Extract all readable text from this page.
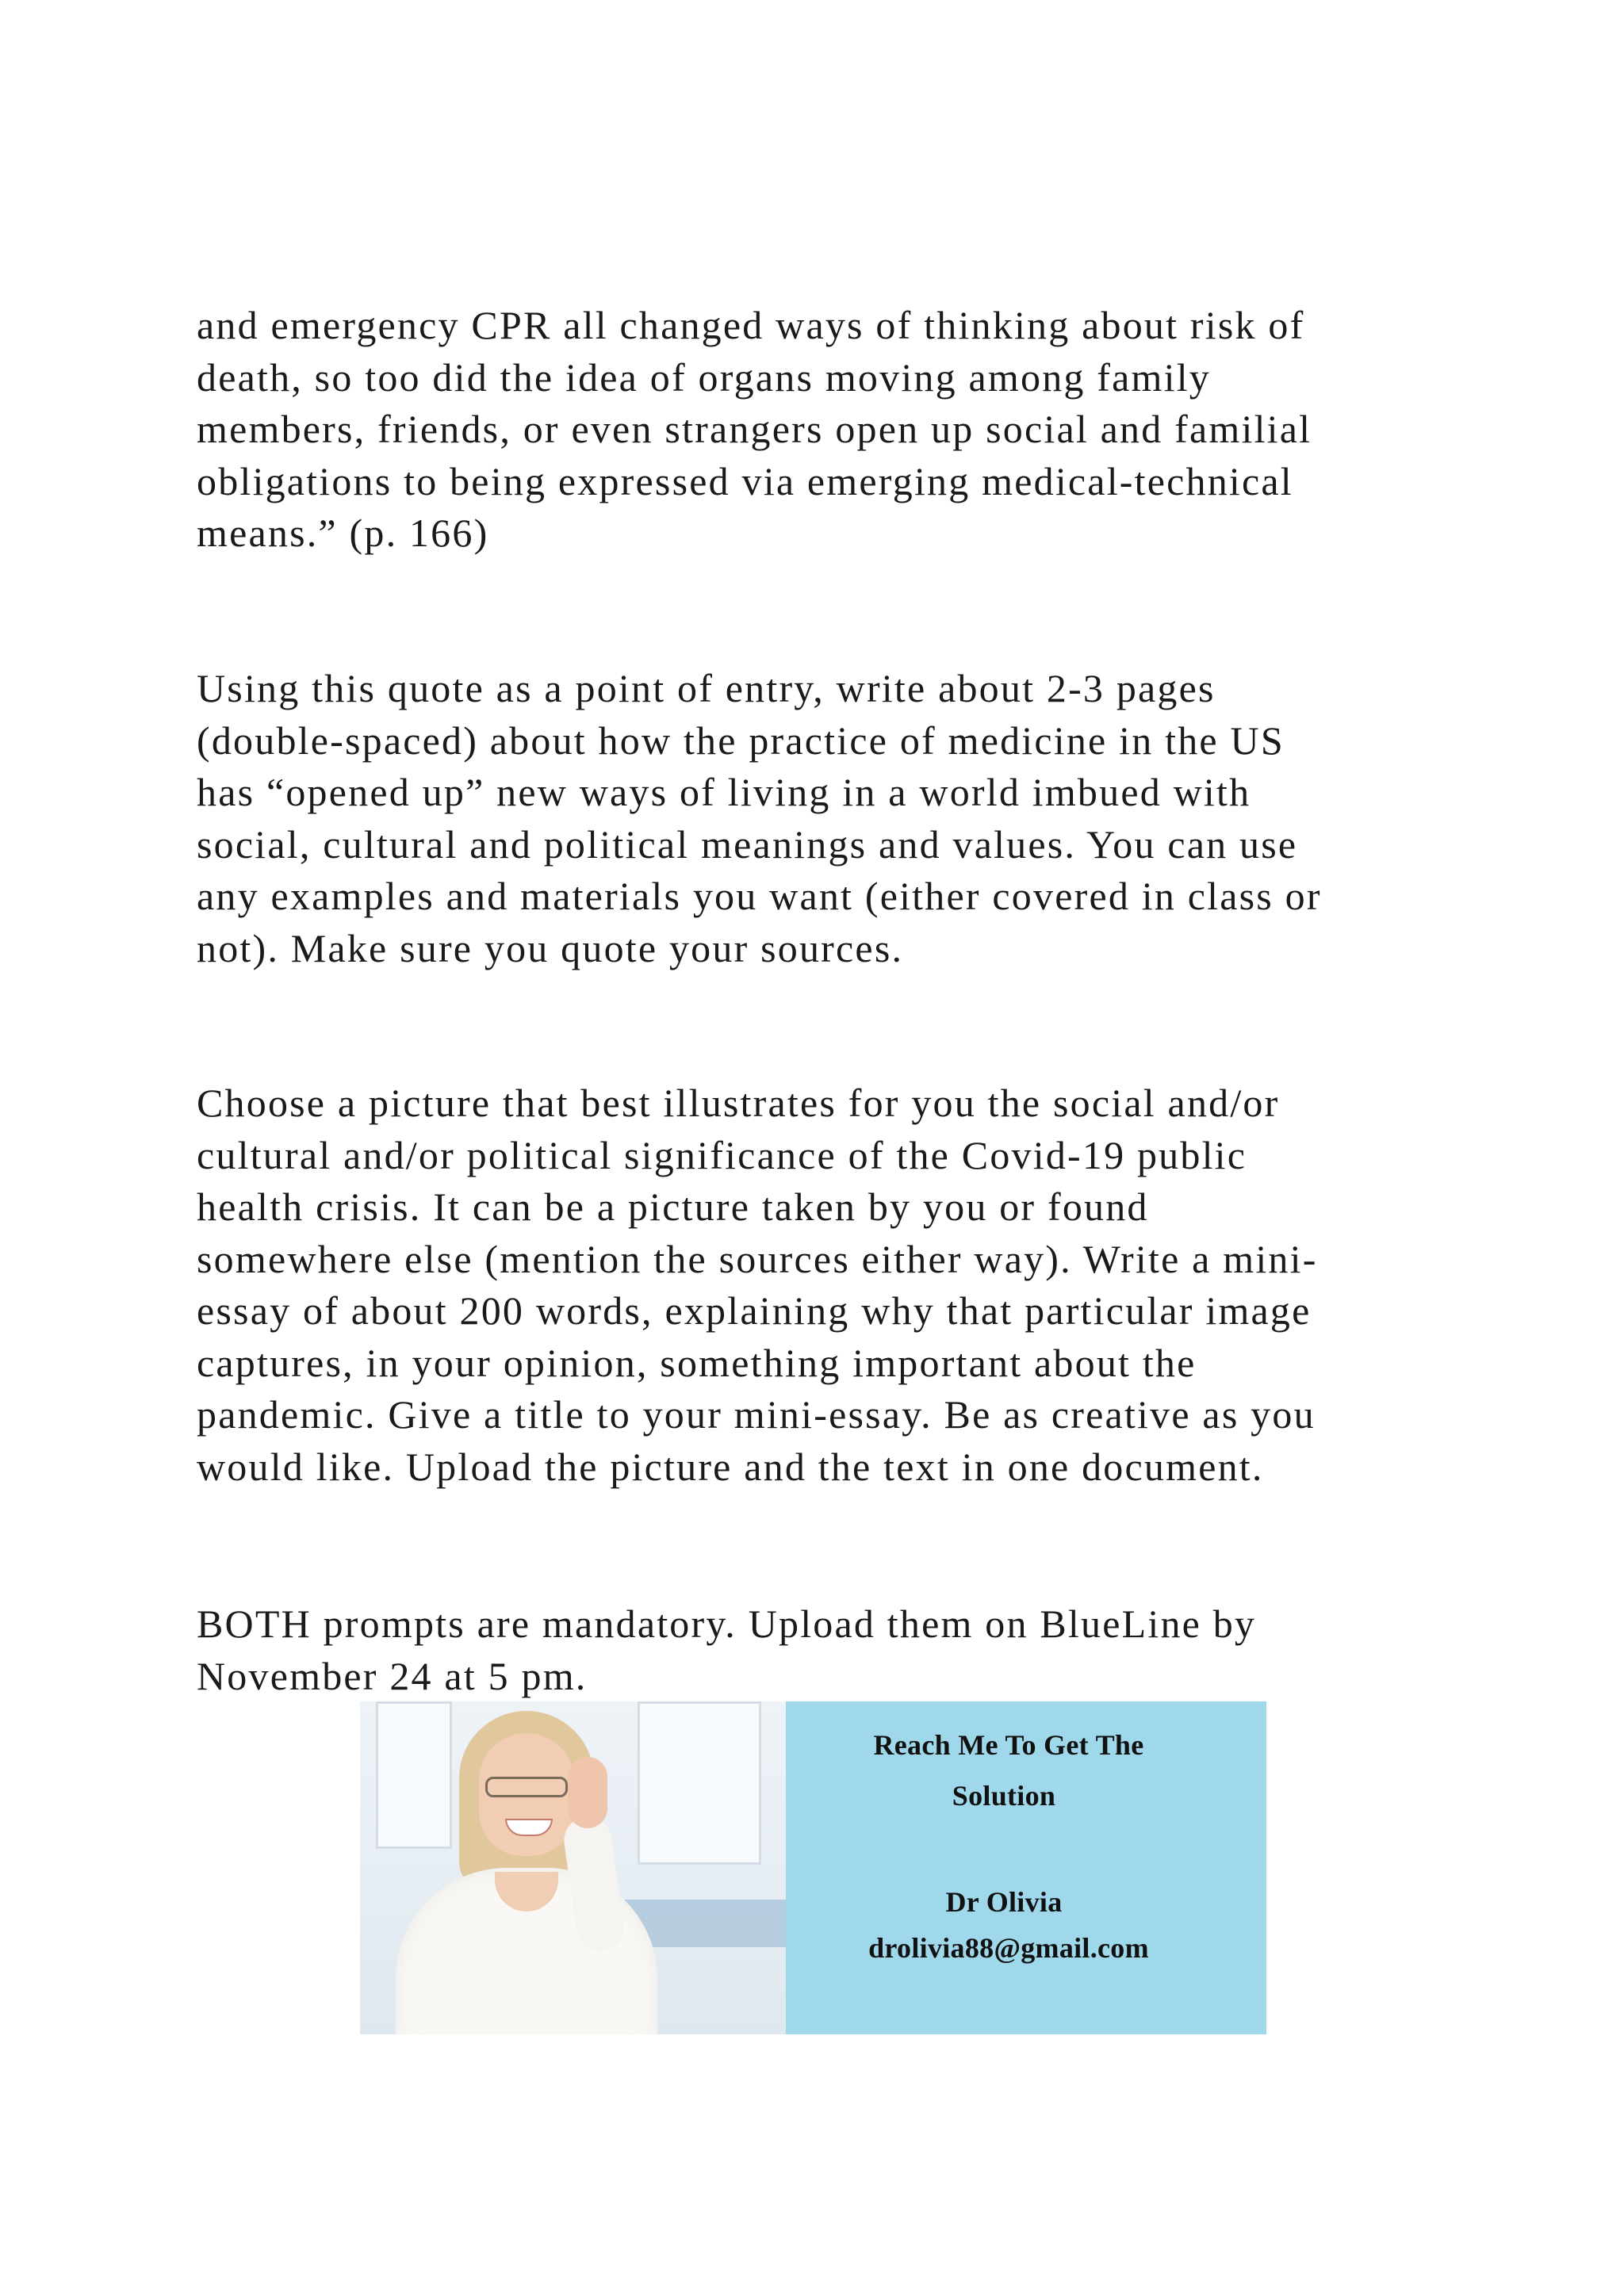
and emergency CPR all changed ways of thinking about risk of
death, so too did the idea of organs moving among family
members, friends, or even strangers open up social and familial
obligations to being expressed via emerging medical-technical
means.” (p. 166)
Using this quote as a point of entry, write about 2-3 pages
(double-spaced) about how the practice of medicine in the US
has “opened up” new ways of living in a world imbued with
social, cultural and political meanings and values. You can use
any examples and materials you want (either covered in class or
not). Make sure you quote your sources.
Choose a picture that best illustrates for you the social and/or
cultural and/or political significance of the Covid-19 public
health crisis. It can be a picture taken by you or found
somewhere else (mention the sources either way). Write a mini-
essay of about 200 words, explaining why that particular image
captures, in your opinion, something important about the
pandemic. Give a title to your mini-essay. Be as creative as you
would like. Upload the picture and the text in one document.
BOTH prompts are mandatory. Upload them on BlueLine by
November 24 at 5 pm.
Reach Me To Get The
Solution
Dr Olivia
drolivia88@gmail.com
